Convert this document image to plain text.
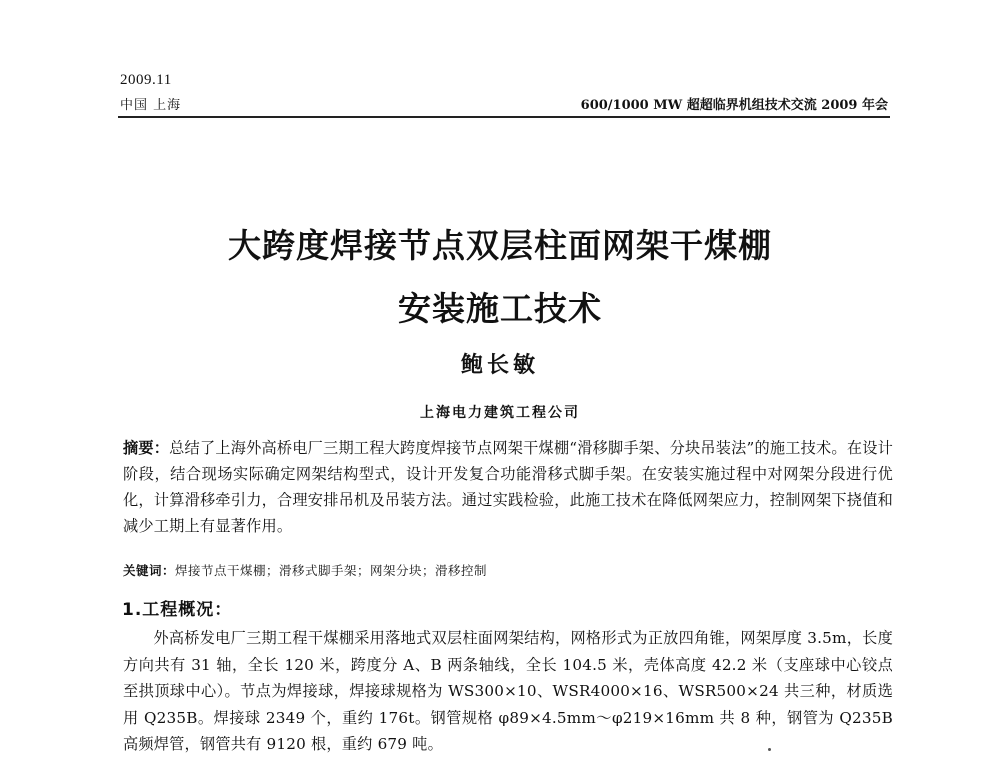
2009.11
中国 上海	600/1000 MW 超超临界机组技术交流 2009 年会
大跨度焊接节点双层柱面网架干煤棚
安装施工技术
鲍长敏
上海电力建筑工程公司
摘要：总结了上海外高桥电厂三期工程大跨度焊接节点网架干煤棚“滑移脚手架、分块吊装法”的施工技术。在设计阶段，结合现场实际确定网架结构型式，设计开发复合功能滑移式脚手架。在安装实施过程中对网架分段进行优化，计算滑移牵引力，合理安排吊机及吊装方法。通过实践检验，此施工技术在降低网架应力，控制网架下挠值和减少工期上有显著作用。
关键词：焊接节点干煤棚；滑移式脚手架；网架分块；滑移控制
1.工程概况：
外高桥发电厂三期工程干煤棚采用落地式双层柱面网架结构，网格形式为正放四角锥，网架厚度 3.5m，长度方向共有 31 轴，全长 120 米，跨度分 A、B 两条轴线，全长 104.5 米，壳体高度 42.2 米（支座球中心铰点至拱顶球中心）。节点为焊接球，焊接球规格为 WS300×10、WSR4000×16、WSR500×24 共三种，材质选用 Q235B。焊接球 2349 个，重约 176t。钢管规格 φ89×4.5mm～φ219×16mm 共 8 种，钢管为 Q235B 高频焊管，钢管共有 9120 根，重约 679 吨。
